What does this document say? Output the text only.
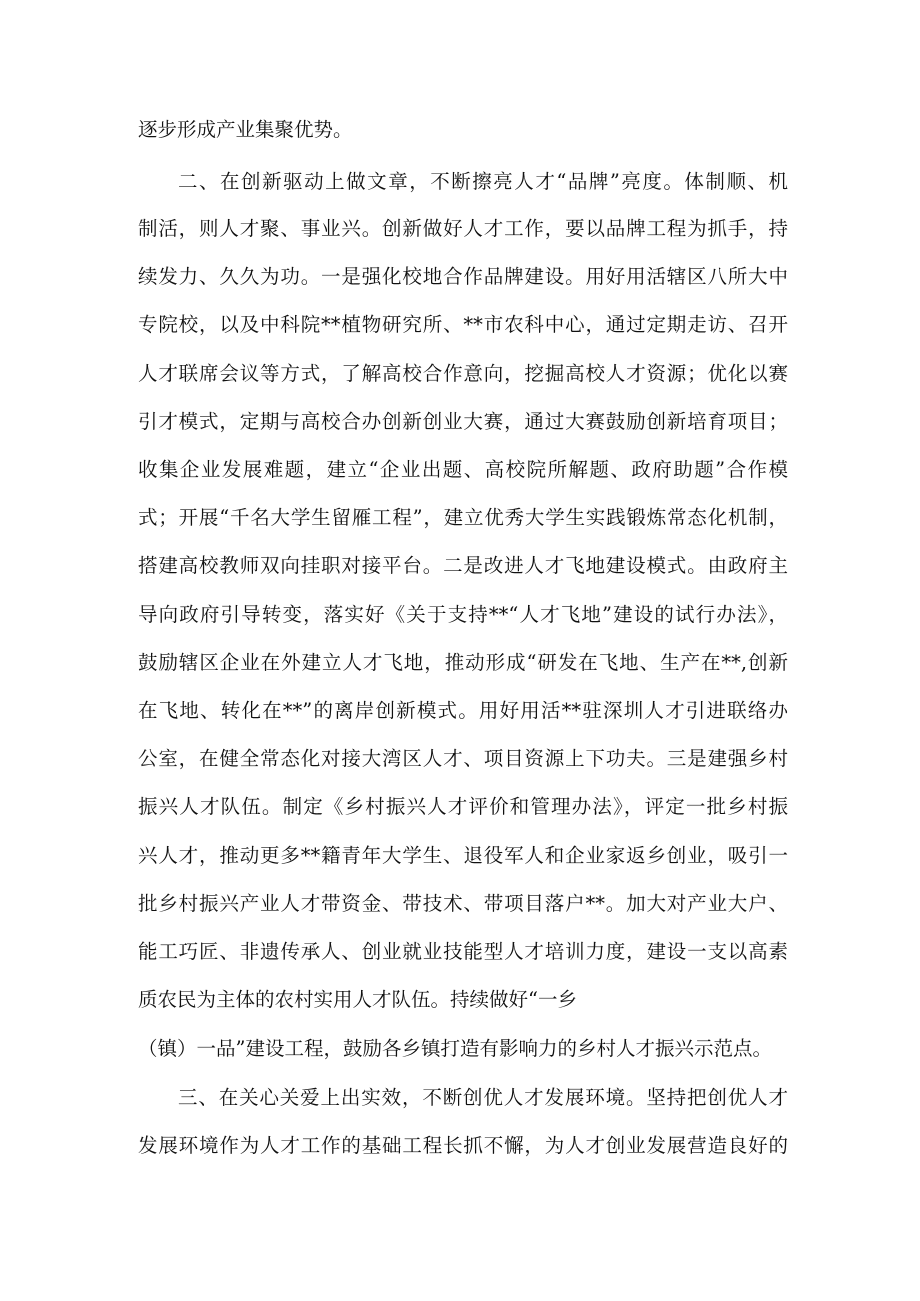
逐步形成产业集聚优势。
二、在创新驱动上做文章，不断擦亮人才“品牌”亮度。体制顺、机
制活，则人才聚、事业兴。创新做好人才工作，要以品牌工程为抓手，持
续发力、久久为功。一是强化校地合作品牌建设。用好用活辖区八所大中
专院校，以及中科院**植物研究所、**市农科中心，通过定期走访、召开
人才联席会议等方式，了解高校合作意向，挖掘高校人才资源；优化以赛
引才模式，定期与高校合办创新创业大赛，通过大赛鼓励创新培育项目；
收集企业发展难题，建立“企业出题、高校院所解题、政府助题”合作模
式；开展“千名大学生留雁工程”，建立优秀大学生实践锻炼常态化机制，
搭建高校教师双向挂职对接平台。二是改进人才飞地建设模式。由政府主
导向政府引导转变，落实好《关于支持**“人才飞地”建设的试行办法》，
鼓励辖区企业在外建立人才飞地，推动形成“研发在飞地、生产在**,创新
在飞地、转化在**”的离岸创新模式。用好用活**驻深圳人才引进联络办
公室，在健全常态化对接大湾区人才、项目资源上下功夫。三是建强乡村
振兴人才队伍。制定《乡村振兴人才评价和管理办法》，评定一批乡村振
兴人才，推动更多**籍青年大学生、退役军人和企业家返乡创业，吸引一
批乡村振兴产业人才带资金、带技术、带项目落户**。加大对产业大户、
能工巧匠、非遗传承人、创业就业技能型人才培训力度，建设一支以高素
质农民为主体的农村实用人才队伍。持续做好“一乡
（镇）一品”建设工程，鼓励各乡镇打造有影响力的乡村人才振兴示范点。
三、在关心关爱上出实效，不断创优人才发展环境。坚持把创优人才
发展环境作为人才工作的基础工程长抓不懈，为人才创业发展营造良好的
